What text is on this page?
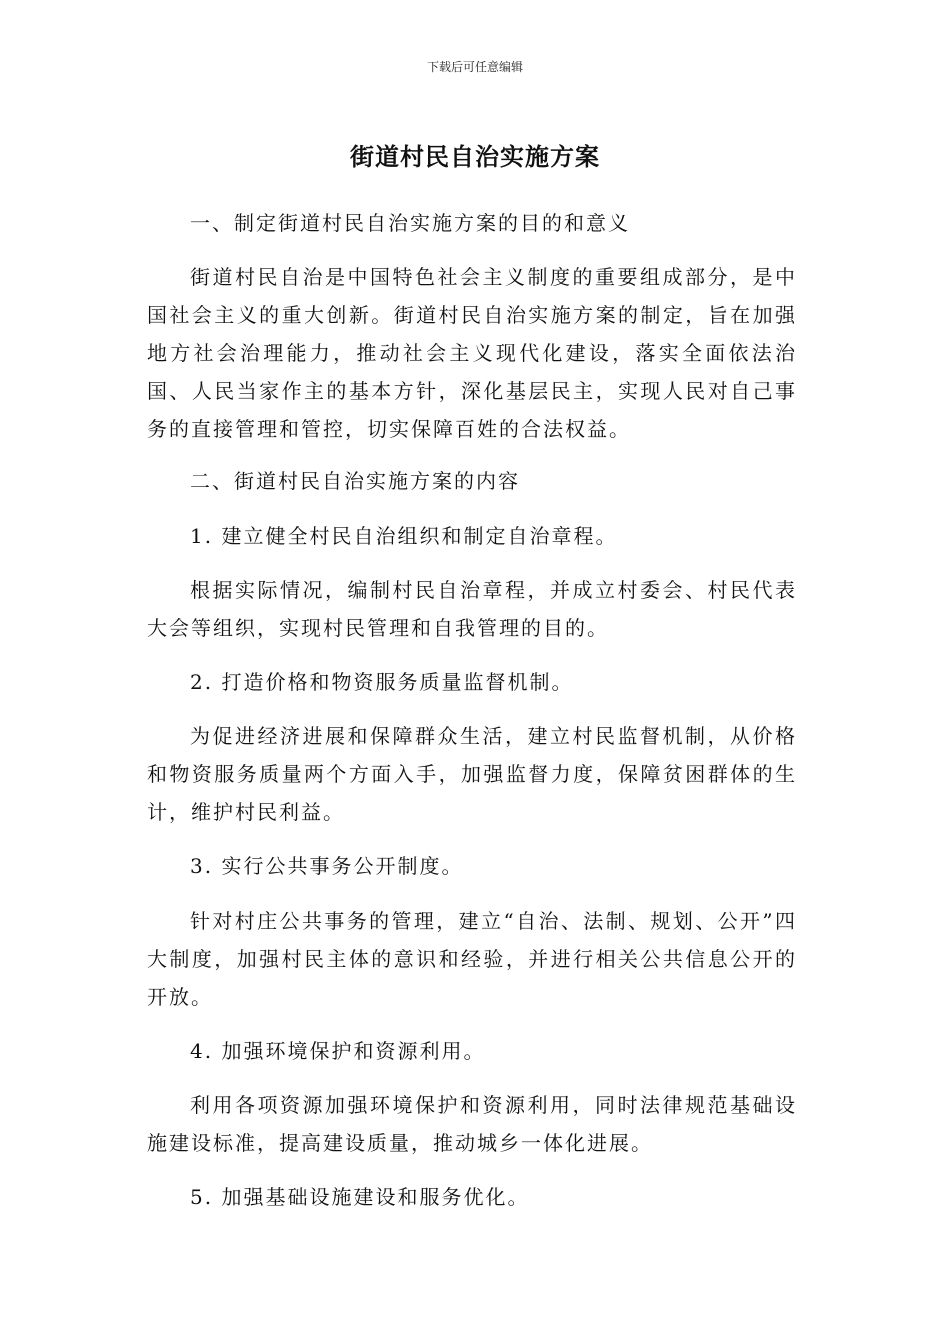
下载后可任意编辑
街道村民自治实施方案

一、制定街道村民自治实施方案的目的和意义

街道村民自治是中国特色社会主义制度的重要组成部分，是中国社会主义的重大创新。街道村民自治实施方案的制定，旨在加强地方社会治理能力，推动社会主义现代化建设，落实全面依法治国、人民当家作主的基本方针，深化基层民主，实现人民对自己事务的直接管理和管控，切实保障百姓的合法权益。

二、街道村民自治实施方案的内容

1. 建立健全村民自治组织和制定自治章程。

根据实际情况，编制村民自治章程，并成立村委会、村民代表大会等组织，实现村民管理和自我管理的目的。

2. 打造价格和物资服务质量监督机制。

为促进经济进展和保障群众生活，建立村民监督机制，从价格和物资服务质量两个方面入手，加强监督力度，保障贫困群体的生计，维护村民利益。

3. 实行公共事务公开制度。

针对村庄公共事务的管理，建立“自治、法制、规划、公开”四大制度，加强村民主体的意识和经验，并进行相关公共信息公开的开放。

4. 加强环境保护和资源利用。

利用各项资源加强环境保护和资源利用，同时法律规范基础设施建设标准，提高建设质量，推动城乡一体化进展。

5. 加强基础设施建设和服务优化。
